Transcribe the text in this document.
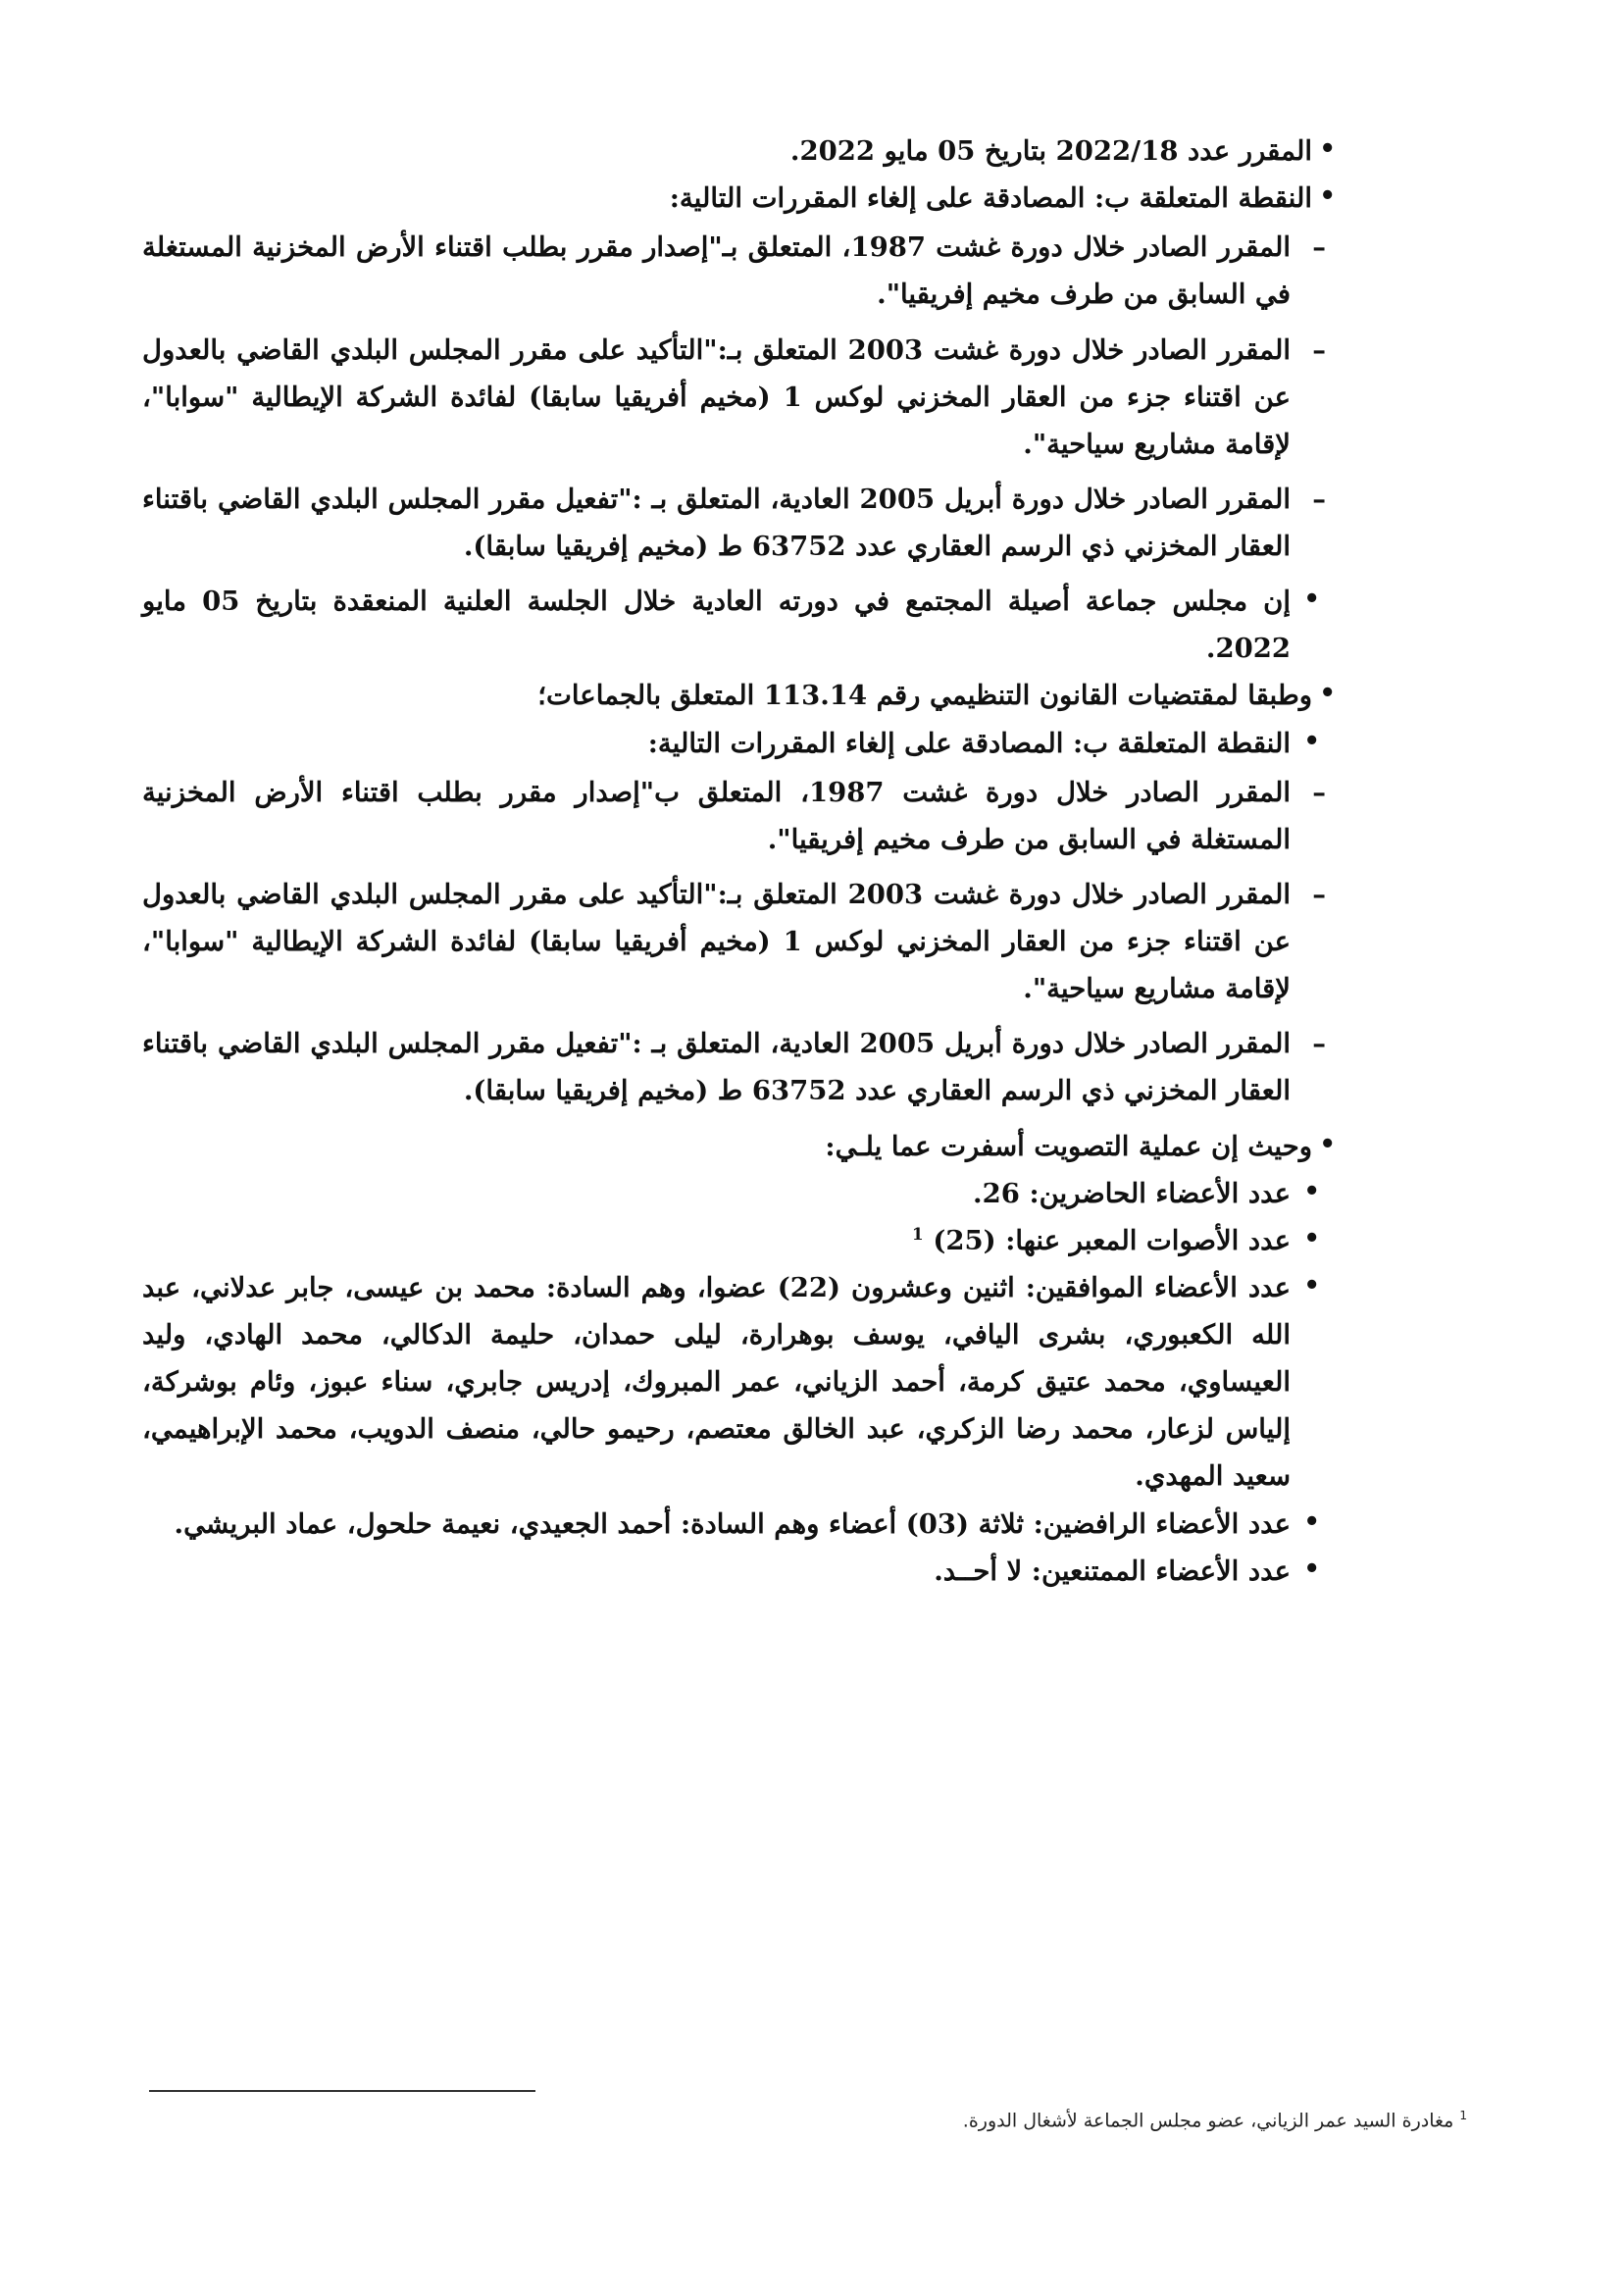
• المقرر عدد 2022/18 بتاريخ 05 مايو 2022.

• النقطة المتعلقة ب: المصادقة على إلغاء المقررات التالية:

– المقرر الصادر خلال دورة غشت 1987، المتعلق بـ"إصدار مقرر بطلب اقتناء الأرض المخزنية المستغلة في السابق من طرف مخيم إفريقيا".

– المقرر الصادر خلال دورة غشت 2003 المتعلق بـ:"التأكيد على مقرر المجلس البلدي القاضي بالعدول عن اقتناء جزء من العقار المخزني لوكس 1 (مخيم أفريقيا سابقا) لفائدة الشركة الإيطالية "سوابا"، لإقامة مشاريع سياحية".

– المقرر الصادر خلال دورة أبريل 2005 العادية، المتعلق بـ :"تفعيل مقرر المجلس البلدي القاضي باقتناء العقار المخزني ذي الرسم العقاري عدد 63752 ط (مخيم إفريقيا سابقا).

• إن مجلس جماعة أصيلة المجتمع في دورته العادية خلال الجلسة العلنية المنعقدة بتاريخ 05 مايو 2022.

• وطبقا لمقتضيات القانون التنظيمي رقم 113.14 المتعلق بالجماعات؛

• النقطة المتعلقة ب: المصادقة على إلغاء المقررات التالية:

– المقرر الصادر خلال دورة غشت 1987، المتعلق ب"إصدار مقرر بطلب اقتناء الأرض المخزنية المستغلة في السابق من طرف مخيم إفريقيا".

– المقرر الصادر خلال دورة غشت 2003 المتعلق بـ:"التأكيد على مقرر المجلس البلدي القاضي بالعدول عن اقتناء جزء من العقار المخزني لوكس 1 (مخيم أفريقيا سابقا) لفائدة الشركة الإيطالية "سوابا"، لإقامة مشاريع سياحية".

– المقرر الصادر خلال دورة أبريل 2005 العادية، المتعلق بـ :"تفعيل مقرر المجلس البلدي القاضي باقتناء العقار المخزني ذي الرسم العقاري عدد 63752 ط (مخيم إفريقيا سابقا).

• وحيث إن عملية التصويت أسفرت عما يلـي:

• عدد الأعضاء الحاضرين: 26.

• عدد الأصوات المعبر عنها: (25) $^1$

• عدد الأعضاء الموافقين: اثنين وعشرون (22) عضوا، وهم السادة: محمد بن عيسى، جابر عدلاني، عبد الله الكعبوري، بشرى اليافي، يوسف بوهرارة، ليلى حمدان، حليمة الدكالي، محمد الهادي، وليد العيساوي، محمد عتيق كرمة، أحمد الزياني، عمر المبروك، إدريس جابري، سناء عبوز، وئام بوشركة، إلياس لزعار، محمد رضا الزكري، عبد الخالق معتصم، رحيمو حالي، منصف الدويب، محمد الإبراهيمي، سعيد المهدي.

• عدد الأعضاء الرافضين: ثلاثة (03) أعضاء وهم السادة: أحمد الجعيدي، نعيمة حلحول، عماد البريشي.

• عدد الأعضاء الممتنعين: لا أحــد.

$^1$مغادرة السيد عمر الزياني، عضو مجلس الجماعة لأشغال الدورة.
